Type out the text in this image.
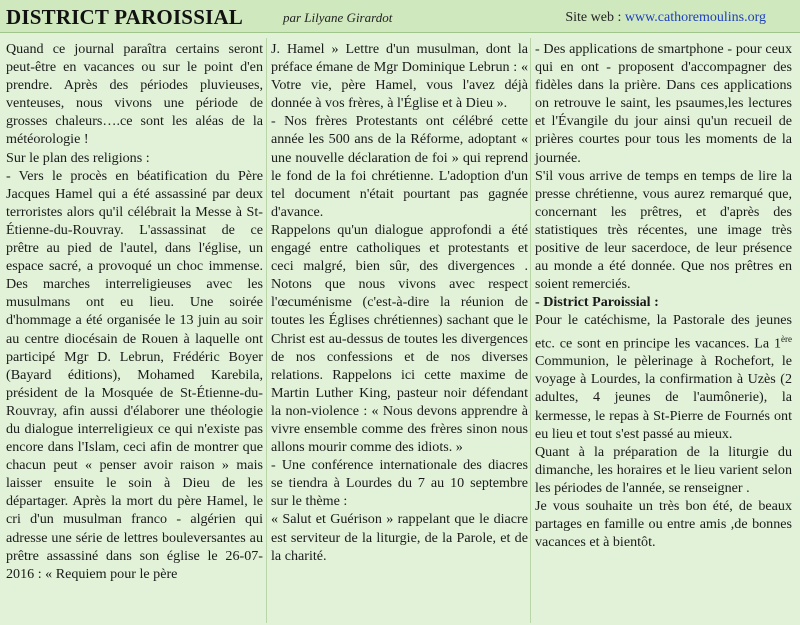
DISTRICT PAROISSIAL	par Lilyane Girardot	Site web : www.cathoremoulins.org

Quand ce journal paraîtra certains seront peut-être en vacances ou sur le point d'en prendre. Après des périodes pluvieuses, venteuses, nous vivons une période de grosses chaleurs….ce sont les aléas de la météorologie !

Sur le plan des religions :

- Vers le procès en béatification du Père Jacques Hamel qui a été assassiné par deux terroristes alors qu'il célébrait la Messe à St-Étienne-du-Rouvray. L'assassinat de ce prêtre au pied de l'autel, dans l'église, un espace sacré, a provoqué un choc immense. Des marches interreligieuses avec les musulmans ont eu lieu. Une soirée d'hommage a été organisée le 13 juin au soir au centre diocésain de Rouen à laquelle ont participé Mgr D. Lebrun, Frédéric Boyer (Bayard éditions), Mohamed Karebila, président de la Mosquée de St-Étienne-du-Rouvray, afin aussi d'élaborer une théologie du dialogue interreligieux ce qui n'existe pas encore dans l'Islam, ceci afin de montrer que chacun peut « penser avoir raison » mais laisser ensuite le soin à Dieu de les départager. Après la mort du père Hamel, le cri d'un musulman franco - algérien qui adresse une série de lettres bouleversantes au prêtre assassiné dans son église le 26-07-2016 : « Requiem pour le père

J. Hamel » Lettre d'un musulman, dont la préface émane de Mgr Dominique Lebrun : « Votre vie, père Hamel, vous l'avez déjà donnée à vos frères, à l'Église et à Dieu ».

- Nos frères Protestants ont célébré cette année les 500 ans de la Réforme, adoptant « une nouvelle déclaration de foi » qui reprend le fond de la foi chrétienne. L'adoption d'un tel document n'était pourtant pas gagnée d'avance.

Rappelons qu'un dialogue approfondi a été engagé entre catholiques et protestants et ceci malgré, bien sûr, des divergences . Notons que nous vivons avec respect l'œcuménisme (c'est-à-dire la réunion de toutes les Églises chrétiennes) sachant que le Christ est au-dessus de toutes les divergences de nos confessions et de nos diverses relations. Rappelons ici cette maxime de Martin Luther King, pasteur noir défendant la non-violence : « Nous devons apprendre à vivre ensemble comme des frères sinon nous allons mourir comme des idiots. »

- Une conférence internationale des diacres se tiendra à Lourdes du 7 au 10 septembre sur le thème :

« Salut et Guérison » rappelant que le diacre est serviteur de la liturgie, de la Parole, et de la charité.

- Des applications de smartphone - pour ceux qui en ont - proposent d'accompagner des fidèles dans la prière. Dans ces applications on retrouve le saint, les psaumes,les lectures et l'Évangile du jour ainsi qu'un recueil de prières courtes pour tous les moments de la journée.

S'il vous arrive de temps en temps de lire la presse chrétienne, vous aurez remarqué que, concernant les prêtres, et d'après des statistiques très récentes, une image très positive de leur sacerdoce, de leur présence au monde a été donnée. Que nos prêtres en soient remerciés.

- District Paroissial :

Pour le catéchisme, la Pastorale des jeunes etc. ce sont en principe les vacances. La 1ère Communion, le pèlerinage à Rochefort, le voyage à Lourdes, la confirmation à Uzès (2 adultes, 4 jeunes de l'aumônerie), la kermesse, le repas à St-Pierre de Fournés ont eu lieu et tout s'est passé au mieux.

Quant à la préparation de la liturgie du dimanche, les horaires et le lieu varient selon les périodes de l'année, se renseigner .

Je vous souhaite un très bon été, de beaux partages en famille ou entre amis ,de bonnes vacances et à bientôt.
